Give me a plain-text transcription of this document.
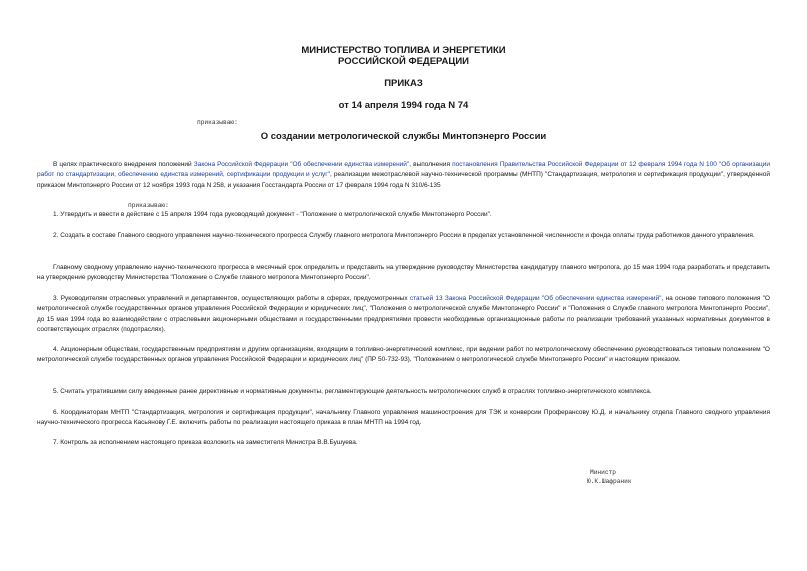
МИНИСТЕРСТВО ТОПЛИВА И ЭНЕРГЕТИКИ
РОССИЙСКОЙ ФЕДЕРАЦИИ
ПРИКАЗ
от 14 апреля 1994 года N 74
приказываю:
О создании метрологической службы Минтопэнерго России
В целях практического внедрения положений Закона Российской Федерации "Об обеспечении единства измерений", выполнения постановления Правительства Российской Федерации от 12 февраля 1994 года N 100 "Об организации работ по стандартизации, обеспечению единства измерений, сертификации продукции и услуг", реализации межотраслевой научно-технической программы (МНТП) "Стандартизация, метрология и сертификация продукции", утвержденной приказом Минтопэнерго России от 12 ноября 1993 года N 258, и указания Госстандарта России от 17 февраля 1994 года N 310/6-135
приказываю:
1. Утвердить и ввести в действие с 15 апреля 1994 года руководящий документ - "Положение о метрологической службе Минтопэнерго России".
2. Создать в составе Главного сводного управления научно-технического прогресса Службу главного метролога Минтопэнерго России в пределах установленной численности и фонда оплаты труда работников данного управления.
Главному сводному управлению научно-технического прогресса в месячный срок определить и представить на утверждение руководству Министерства кандидатуру главного метролога, до 15 мая 1994 года разработать и представить на утверждение руководству Министерства "Положение о Службе главного метролога Минтопэнерго России".
3. Руководителям отраслевых управлений и департаментов, осуществляющих работы в сферах, предусмотренных статьей 13 Закона Российской Федерации "Об обеспечении единства измерений", на основе типового положения "О метрологической службе государственных органов управления Российской Федерации и юридических лиц", "Положения о метрологической службе Минтопэнерго России" и "Положения о Службе главного метролога Минтопэнерго России", до 15 мая 1994 года во взаимодействии с отраслевыми акционерными обществами и государственными предприятиями провести необходимые организационные работы по реализации требований указанных нормативных документов в соответствующих отраслях (подотраслях).
4. Акционерным обществам, государственным предприятиям и другим организациям, входящим в топливно-энергетический комплекс, при ведении работ по метрологическому обеспечению руководствоваться типовым положением "О метрологической службе государственных органов управления Российской Федерации и юридических лиц" (ПР 50-732-93), "Положением о метрологической службе Минтопэнерго России" и настоящим приказом.
5. Считать утратившими силу введенные ранее директивные и нормативные документы, регламентирующие деятельность метрологических служб в отраслях топливно-энергетического комплекса.
6. Координаторам МНТП "Стандартизация, метрология и сертификация продукции", начальнику Главного управления машиностроения для ТЭК и конверсии Проферансову Ю.Д. и начальнику отдела Главного сводного управления научно-технического прогресса Касьянову Г.Е. включить работы по реализации настоящего приказа в план МНТП на 1994 год.
7. Контроль за исполнением настоящего приказа возложить на заместителя Министра В.В.Бушуева.
Министр
Ю.К.Шафраник
